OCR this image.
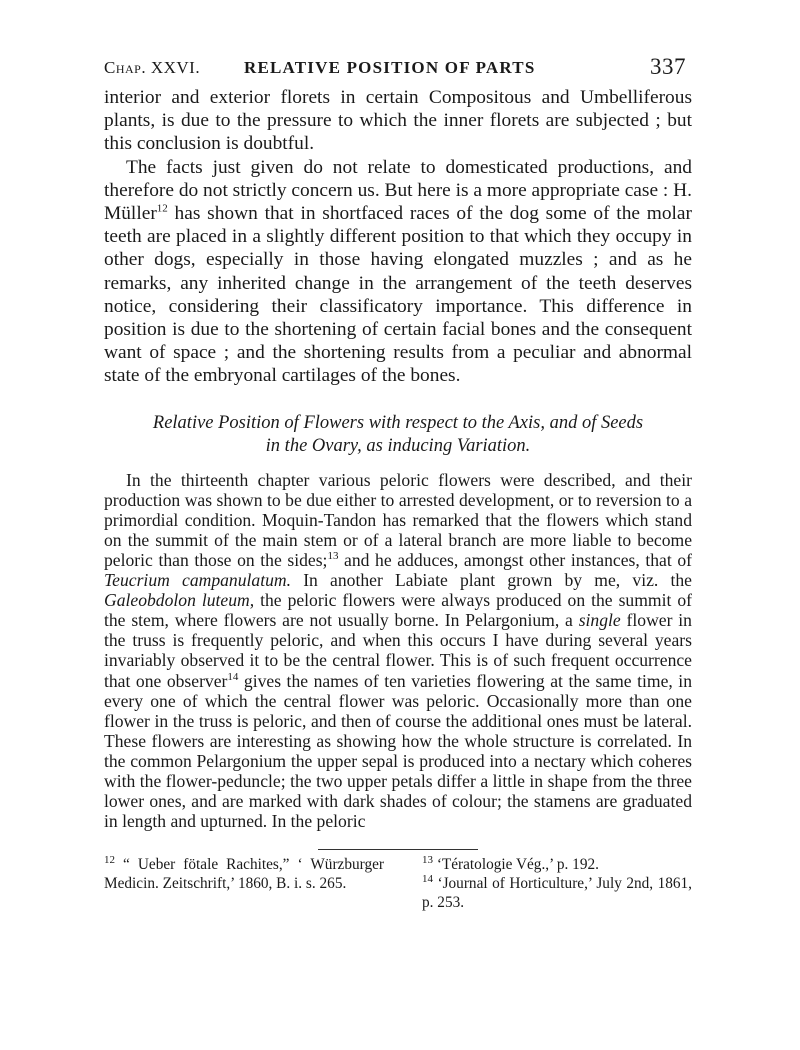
Chap. XXVI.	RELATIVE POSITION OF PARTS	337

interior and exterior florets in certain Compositous and Umbelliferous plants, is due to the pressure to which the inner florets are subjected ; but this conclusion is doubtful.

The facts just given do not relate to domesticated productions, and therefore do not strictly concern us. But here is a more appropriate case : H. Müller$^{12}$ has shown that in shortfaced races of the dog some of the molar teeth are placed in a slightly different position to that which they occupy in other dogs, especially in those having elongated muzzles ; and as he remarks, any inherited change in the arrangement of the teeth deserves notice, considering their classificatory importance. This difference in position is due to the shortening of certain facial bones and the consequent want of space ; and the shortening results from a peculiar and abnormal state of the embryonal cartilages of the bones.

Relative Position of Flowers with respect to the Axis, and of Seeds
in the Ovary, as inducing Variation.

In the thirteenth chapter various peloric flowers were described, and their production was shown to be due either to arrested development, or to reversion to a primordial condition. Moquin-Tandon has remarked that the flowers which stand on the summit of the main stem or of a lateral branch are more liable to become peloric than those on the sides;$^{13}$ and he adduces, amongst other instances, that of Teucrium campanulatum. In another Labiate plant grown by me, viz. the Galeobdolon luteum, the peloric flowers were always produced on the summit of the stem, where flowers are not usually borne. In Pelargonium, a single flower in the truss is frequently peloric, and when this occurs I have during several years invariably observed it to be the central flower. This is of such frequent occurrence that one observer$^{14}$ gives the names of ten varieties flowering at the same time, in every one of which the central flower was peloric. Occasionally more than one flower in the truss is peloric, and then of course the additional ones must be lateral. These flowers are interesting as showing how the whole structure is correlated. In the common Pelargonium the upper sepal is produced into a nectary which coheres with the flower-peduncle; the two upper petals differ a little in shape from the three lower ones, and are marked with dark shades of colour; the stamens are graduated in length and upturned. In the peloric

$^{12}$ “ Ueber fötale Rachites,” ‘ Würzburger Medicin. Zeitschrift,’ 1860, B. i. s. 265.

$^{13}$ ‘Tératologie Vég.,’ p. 192.

$^{14}$ ‘Journal of Horticulture,’ July 2nd, 1861, p. 253.
